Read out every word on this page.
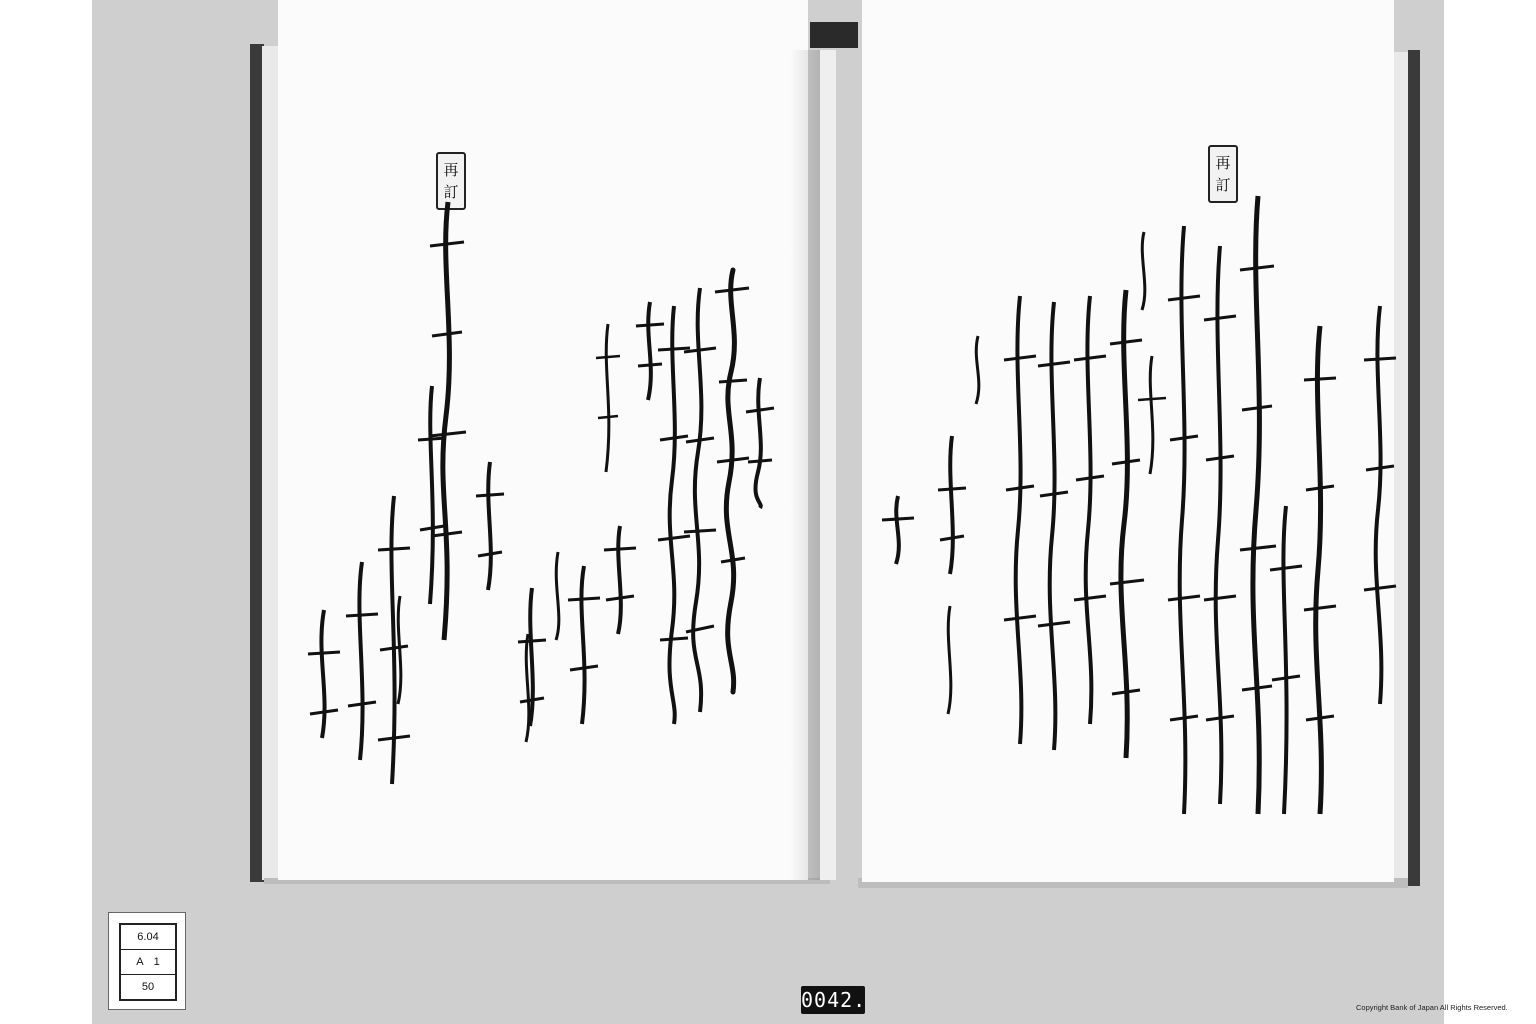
再
訂
再
訂
6.04
A 1
50
0042.	Copyright Bank of Japan All Rights Reserved.
